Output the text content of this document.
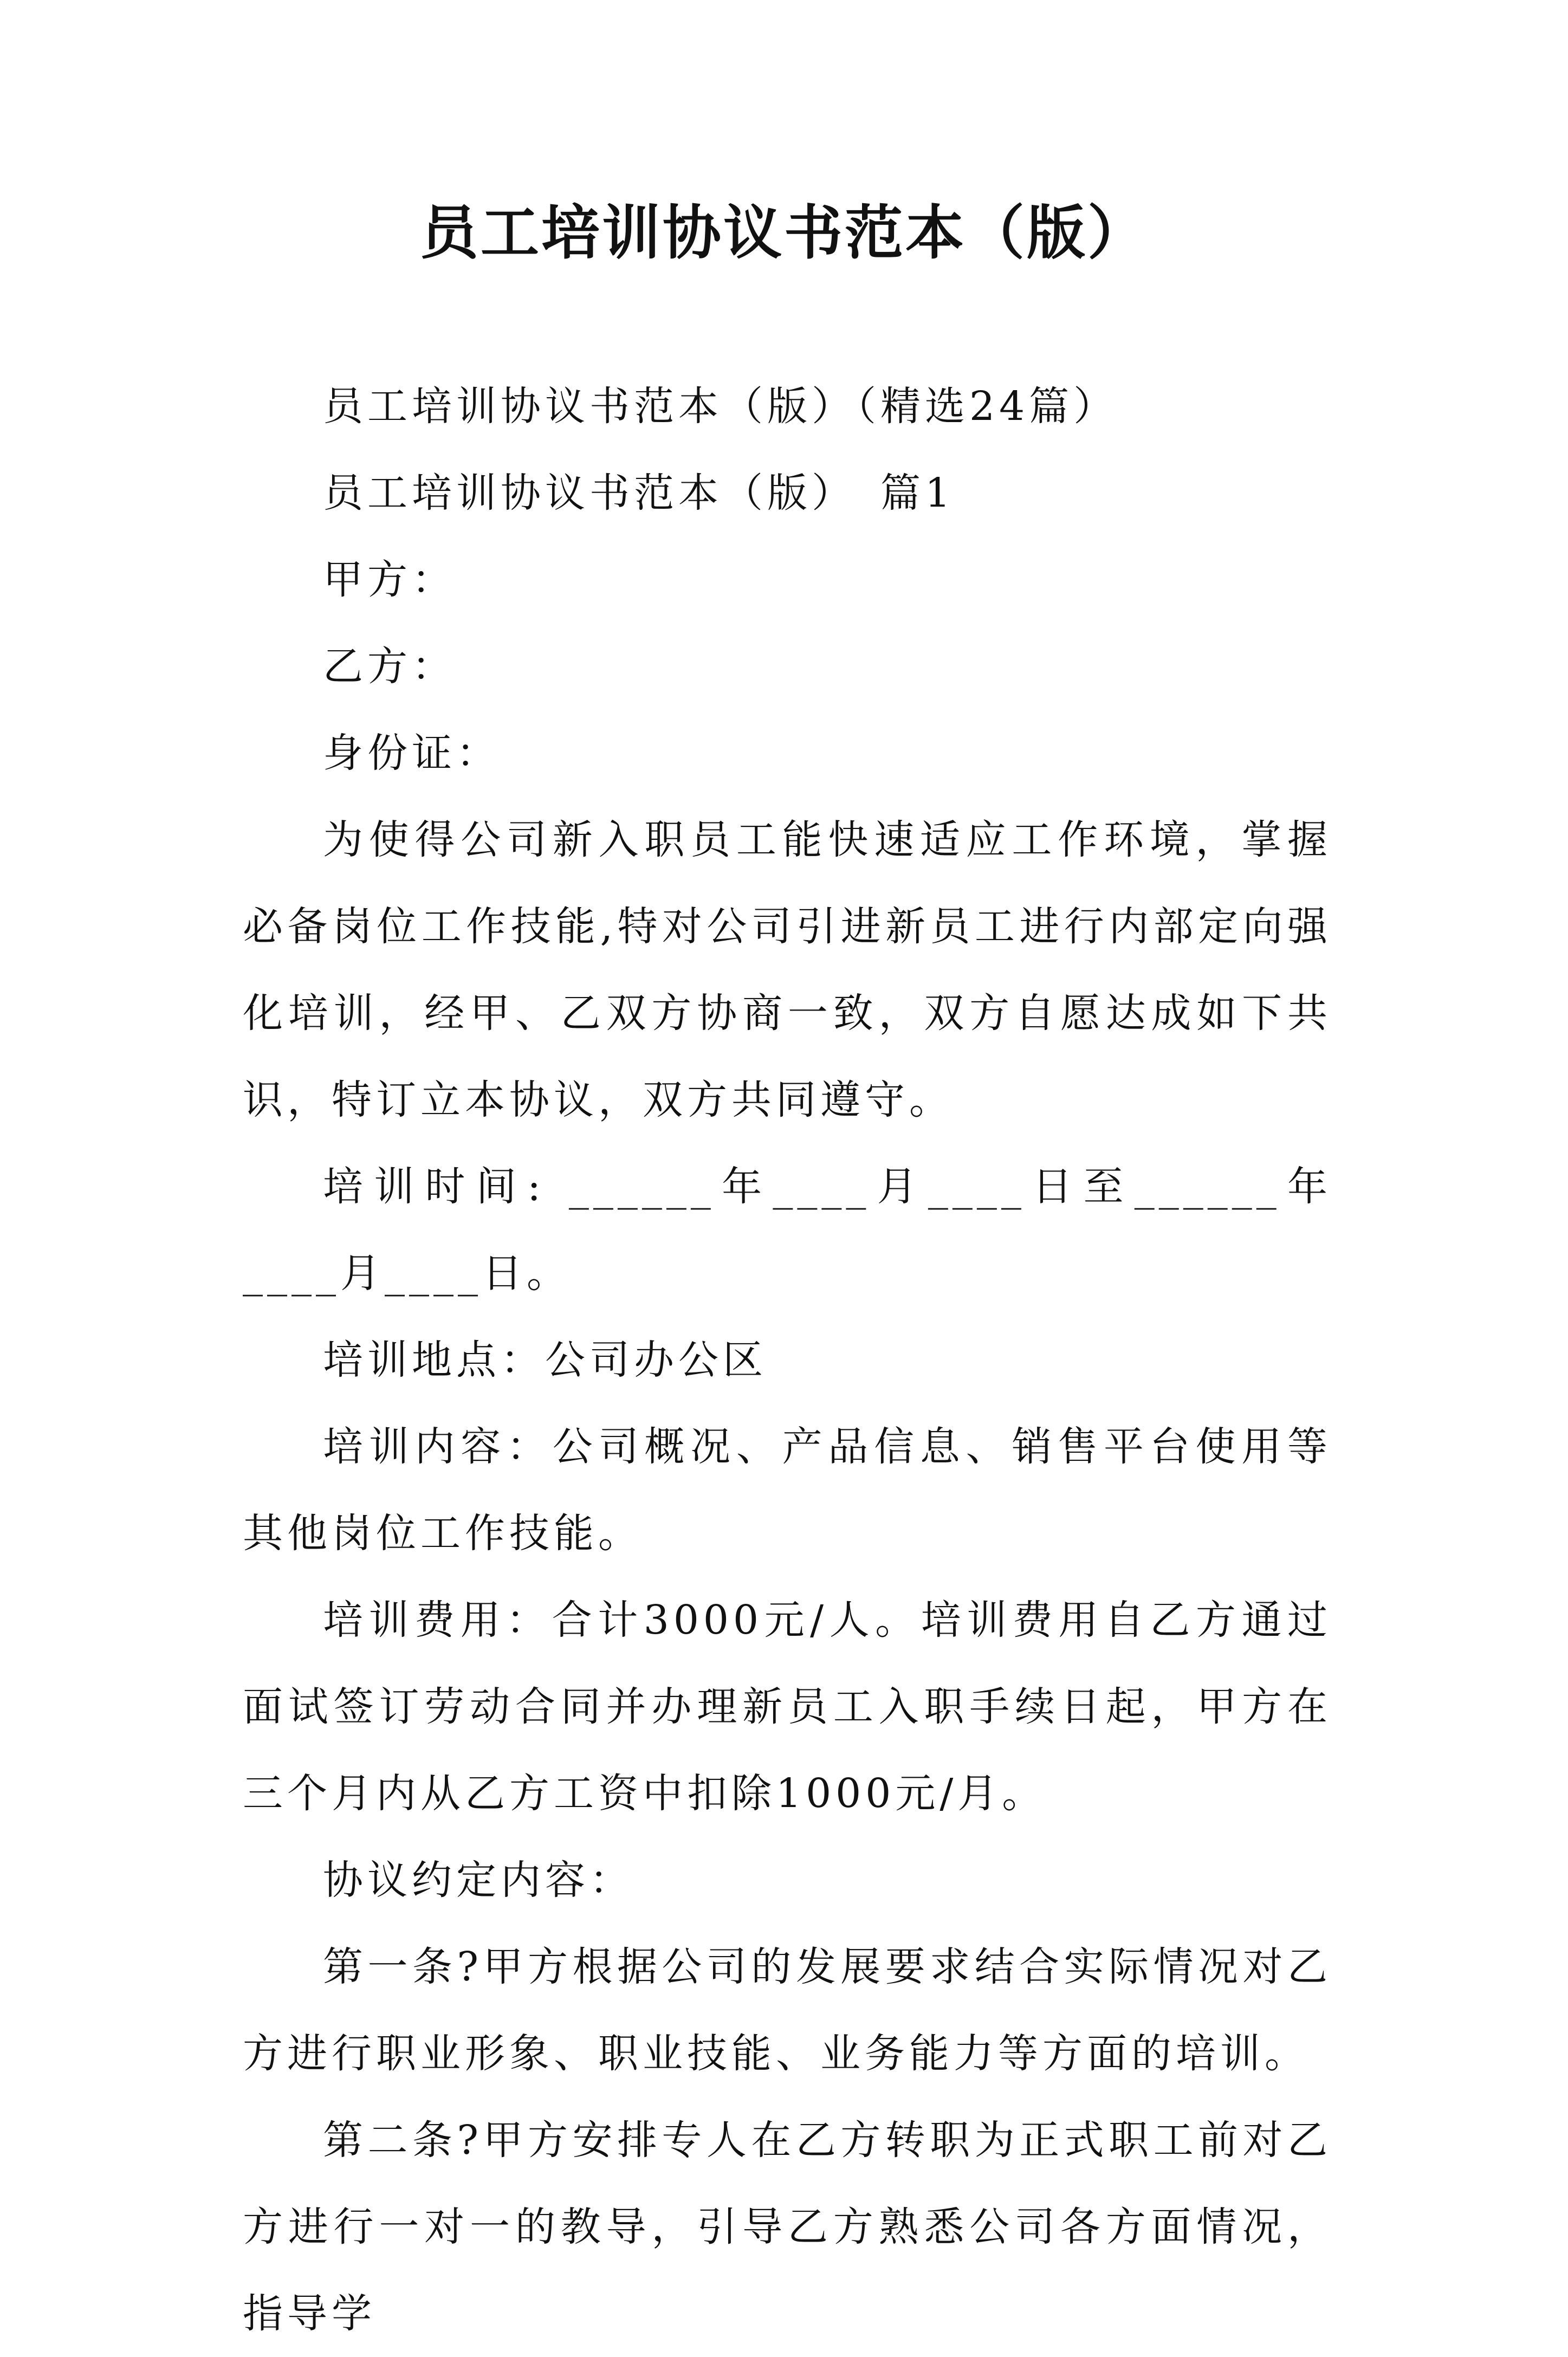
员工培训协议书范本（版）

员工培训协议书范本（版）（精选24篇）

员工培训协议书范本（版）　篇1

甲方：

乙方：

身份证：

为使得公司新入职员工能快速适应工作环境，掌握必备岗位工作技能,特对公司引进新员工进行内部定向强化培训，经甲、乙双方协商一致，双方自愿达成如下共识，特订立本协议，双方共同遵守。

培训时间: ______年____月____日至______年____月____日。

培训地点：公司办公区

培训内容：公司概况、产品信息、销售平台使用等其他岗位工作技能。

培训费用：合计3000元/人。培训费用自乙方通过面试签订劳动合同并办理新员工入职手续日起，甲方在三个月内从乙方工资中扣除1000元/月。

协议约定内容：

第一条?甲方根据公司的发展要求结合实际情况对乙方进行职业形象、职业技能、业务能力等方面的培训。

第二条?甲方安排专人在乙方转职为正式职工前对乙方进行一对一的教导，引导乙方熟悉公司各方面情况，指导学
